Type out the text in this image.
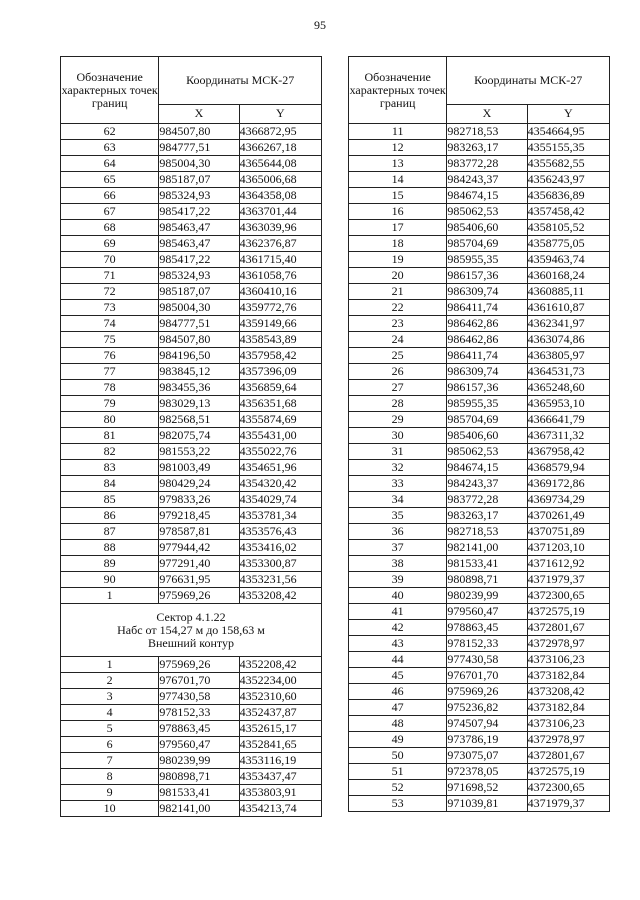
95
Обозначение характерных точек границ	Координаты МСК-27	
	X	Y
62	984507,80	4366872,95
63	984777,51	4366267,18
64	985004,30	4365644,08
65	985187,07	4365006,68
66	985324,93	4364358,08
67	985417,22	4363701,44
68	985463,47	4363039,96
69	985463,47	4362376,87
70	985417,22	4361715,40
71	985324,93	4361058,76
72	985187,07	4360410,16
73	985004,30	4359772,76
74	984777,51	4359149,66
75	984507,80	4358543,89
76	984196,50	4357958,42
77	983845,12	4357396,09
78	983455,36	4356859,64
79	983029,13	4356351,68
80	982568,51	4355874,69
81	982075,74	4355431,00
82	981553,22	4355022,76
83	981003,49	4354651,96
84	980429,24	4354320,42
85	979833,26	4354029,74
86	979218,45	4353781,34
87	978587,81	4353576,43
88	977944,42	4353416,02
89	977291,40	4353300,87
90	976631,95	4353231,56
1	975969,26	4353208,42

Сектор 4.1.22
Набс от 154,27 м до 158,63 м
Внешний контур		

1	975969,26	4352208,42
2	976701,70	4352234,00
3	977430,58	4352310,60
4	978152,33	4352437,87
5	978863,45	4352615,17
6	979560,47	4352841,65
7	980239,99	4353116,19
8	980898,71	4353437,47
9	981533,41	4353803,91
10	982141,00	4354213,74
Обозначение характерных точек границ	Координаты МСК-27	
	X	Y
11	982718,53	4354664,95
12	983263,17	4355155,35
13	983772,28	4355682,55
14	984243,37	4356243,97
15	984674,15	4356836,89
16	985062,53	4357458,42
17	985406,60	4358105,52
18	985704,69	4358775,05
19	985955,35	4359463,74
20	986157,36	4360168,24
21	986309,74	4360885,11
22	986411,74	4361610,87
23	986462,86	4362341,97
24	986462,86	4363074,86
25	986411,74	4363805,97
26	986309,74	4364531,73
27	986157,36	4365248,60
28	985955,35	4365953,10
29	985704,69	4366641,79
30	985406,60	4367311,32
31	985062,53	4367958,42
32	984674,15	4368579,94
33	984243,37	4369172,86
34	983772,28	4369734,29
35	983263,17	4370261,49
36	982718,53	4370751,89
37	982141,00	4371203,10
38	981533,41	4371612,92
39	980898,71	4371979,37
40	980239,99	4372300,65
41	979560,47	4372575,19
42	978863,45	4372801,67
43	978152,33	4372978,97
44	977430,58	4373106,23
45	976701,70	4373182,84
46	975969,26	4373208,42
47	975236,82	4373182,84
48	974507,94	4373106,23
49	973786,19	4372978,97
50	973075,07	4372801,67
51	972378,05	4372575,19
52	971698,52	4372300,65
53	971039,81	4371979,37
